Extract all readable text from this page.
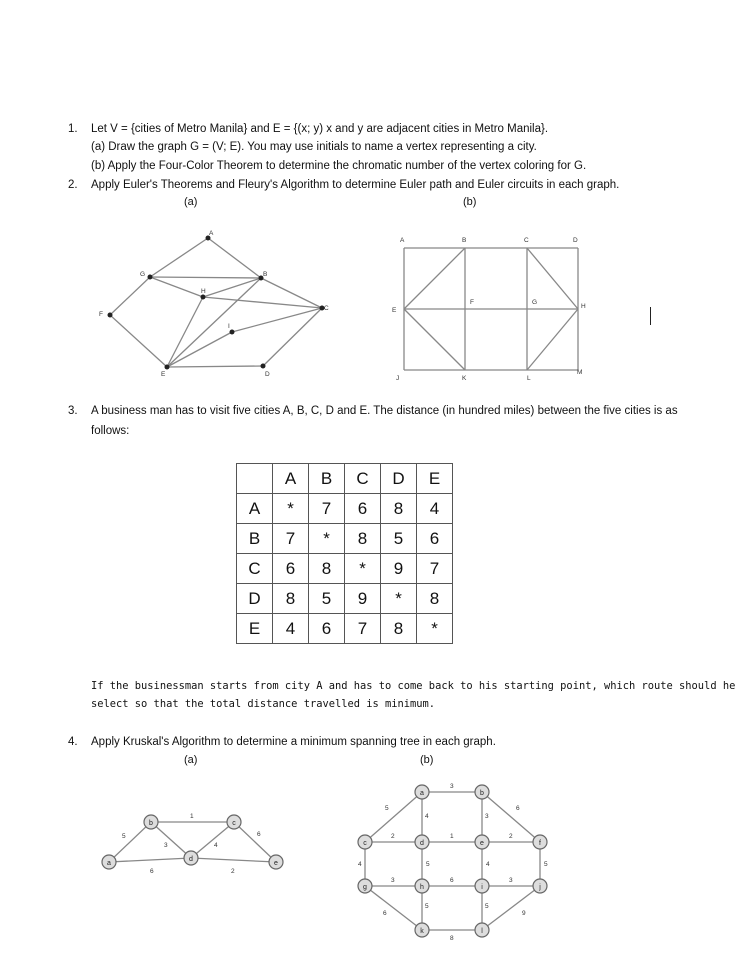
1. Let V = {cities of Metro Manila} and E = {(x; y) x and y are adjacent cities in Metro Manila}.
(a) Draw the graph G = (V; E). You may use initials to name a vertex representing a city.
(b) Apply the Four-Color Theorem to determine the chromatic number of the vertex coloring for G.
2. Apply Euler's Theorems and Fleury's Algorithm to determine Euler path and Euler circuits in each graph.
(a)	(b)
A
B
C
D
E
F
G
H
I
A	B	C	D
E
F	G
H
J	K	L
M
3. A business man has to visit five cities A, B, C, D and E. The distance (in hundred miles) between the five cities is as
follows:
	A	B	C	D	E
A	*	7	6	8	4
B	7	*	8	5	6
C	6	8	*	9	7
D	8	5	9	*	8
E	4	6	7	8	*
If the businessman starts from city A and has to come back to his starting point, which route should he
select so that the total distance travelled is minimum.
4. Apply Kruskal's Algorithm to determine a minimum spanning tree in each graph.
(a)	(b)
5
1
3	4
6
6	2
a
b	c
d
e
3
5
4	3
6
2	1	2
4	5	5
4
3	6	3
5	5
6	9
8
a	b
c	d	e	f
g	h	i	j
k	l
